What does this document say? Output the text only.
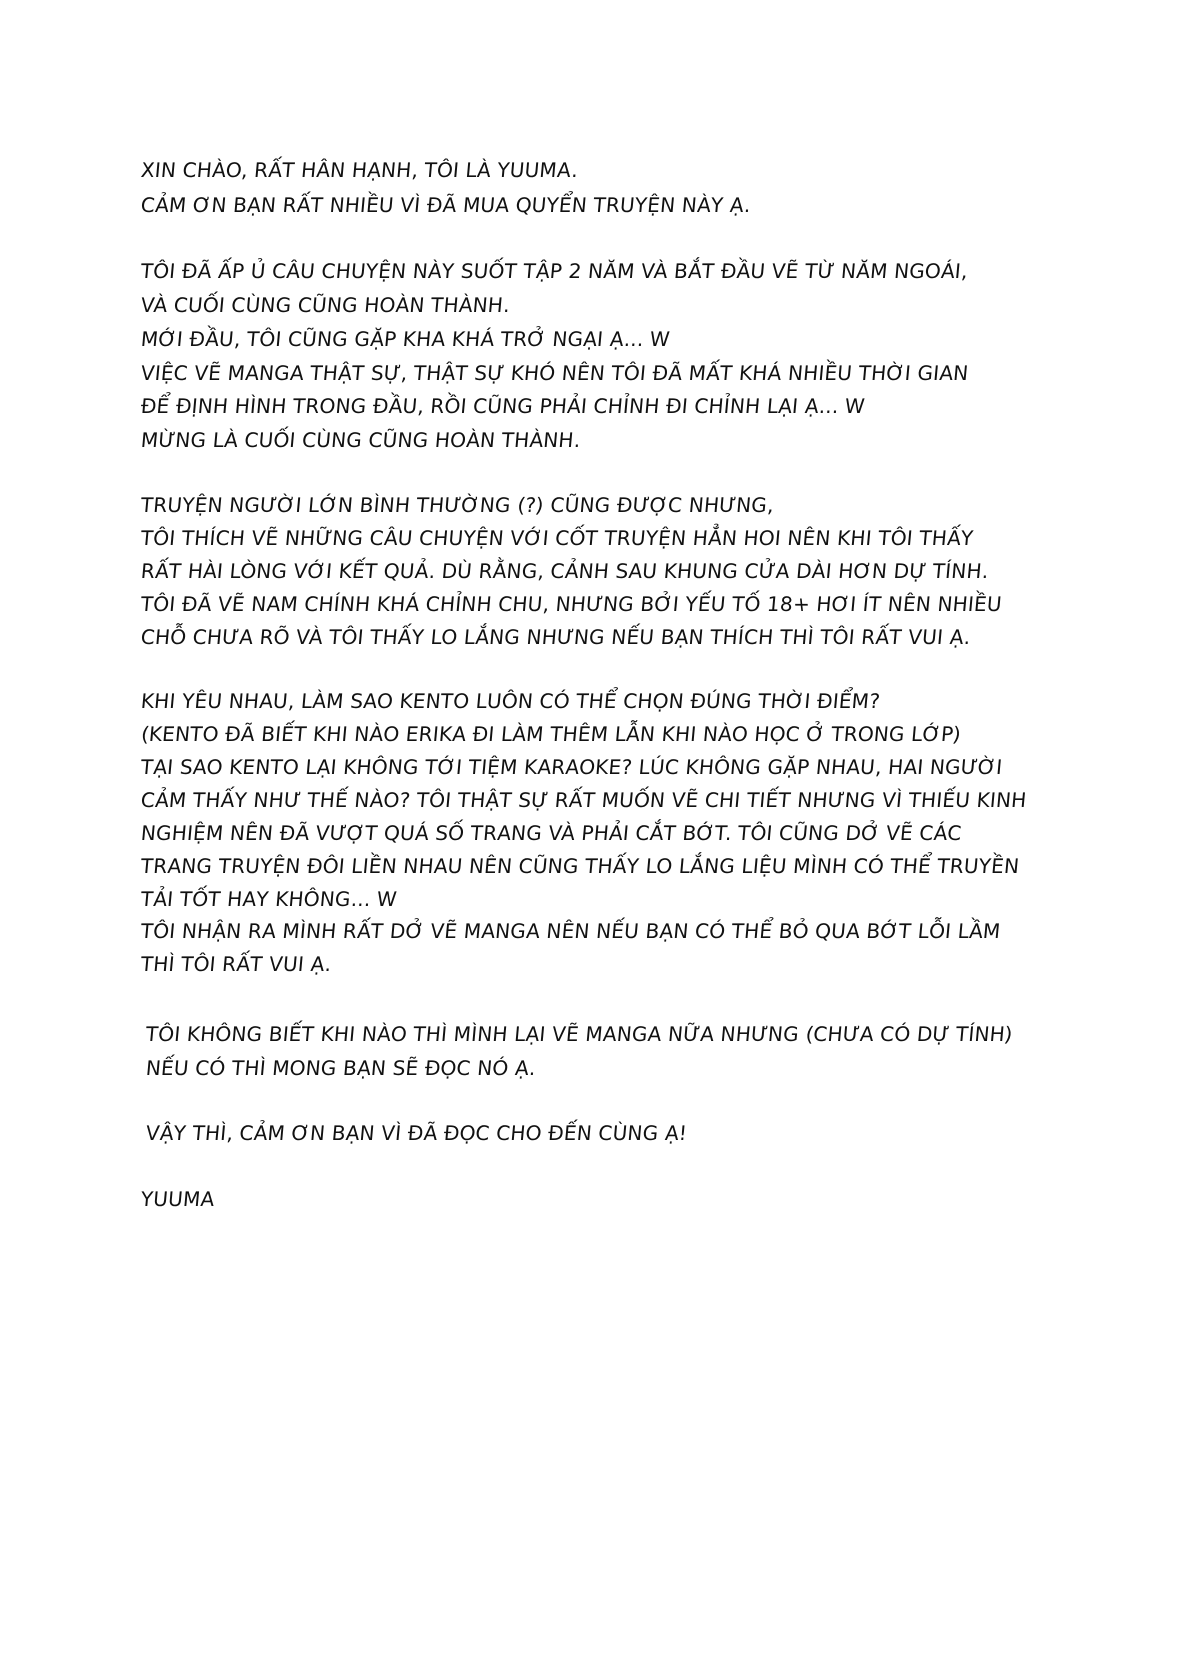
XIN CHÀO, RẤT HÂN HẠNH, TÔI LÀ YUUMA.

CẢM ƠN BẠN RẤT NHIỀU VÌ ĐÃ MUA QUYỂN TRUYỆN NÀY Ạ.

TÔI ĐÃ ẤP Ủ CÂU CHUYỆN NÀY SUỐT TẬP 2 NĂM VÀ BẮT ĐẦU VẼ TỪ NĂM NGOÁI,

VÀ CUỐI CÙNG CŨNG HOÀN THÀNH.

MỚI ĐẦU, TÔI CŨNG GẶP KHA KHÁ TRỞ NGẠI Ạ... W

VIỆC VẼ MANGA THẬT SỰ, THẬT SỰ KHÓ NÊN TÔI ĐÃ MẤT KHÁ NHIỀU THỜI GIAN

ĐỂ ĐỊNH HÌNH TRONG ĐẦU, RỒI CŨNG PHẢI CHỈNH ĐI CHỈNH LẠI Ạ... W

MỪNG LÀ CUỐI CÙNG CŨNG HOÀN THÀNH.

TRUYỆN NGƯỜI LỚN BÌNH THƯỜNG (?) CŨNG ĐƯỢC NHƯNG,

TÔI THÍCH VẼ NHỮNG CÂU CHUYỆN VỚI CỐT TRUYỆN HẲN HOI NÊN KHI TÔI THẤY

RẤT HÀI LÒNG VỚI KẾT QUẢ. DÙ RẰNG, CẢNH SAU KHUNG CỬA DÀI HƠN DỰ TÍNH.

TÔI ĐÃ VẼ NAM CHÍNH KHÁ CHỈNH CHU, NHƯNG BỞI YẾU TỐ 18+ HƠI ÍT NÊN NHIỀU

CHỖ CHƯA RÕ VÀ TÔI THẤY LO LẮNG NHƯNG NẾU BẠN THÍCH THÌ TÔI RẤT VUI Ạ.

KHI YÊU NHAU, LÀM SAO KENTO LUÔN CÓ THỂ CHỌN ĐÚNG THỜI ĐIỂM?

(KENTO ĐÃ BIẾT KHI NÀO ERIKA ĐI LÀM THÊM LẪN KHI NÀO HỌC Ở TRONG LỚP)

TẠI SAO KENTO LẠI KHÔNG TỚI TIỆM KARAOKE? LÚC KHÔNG GẶP NHAU, HAI NGƯỜI

CẢM THẤY NHƯ THẾ NÀO? TÔI THẬT SỰ RẤT MUỐN VẼ CHI TIẾT NHƯNG VÌ THIẾU KINH

NGHIỆM NÊN ĐÃ VƯỢT QUÁ SỐ TRANG VÀ PHẢI CẮT BỚT. TÔI CŨNG DỞ VẼ CÁC

TRANG TRUYỆN ĐÔI LIỀN NHAU NÊN CŨNG THẤY LO LẮNG LIỆU MÌNH CÓ THỂ TRUYỀN

TẢI TỐT HAY KHÔNG... W

TÔI NHẬN RA MÌNH RẤT DỞ VẼ MANGA NÊN NẾU BẠN CÓ THỂ BỎ QUA BỚT LỖI LẦM

THÌ TÔI RẤT VUI Ạ.

TÔI KHÔNG BIẾT KHI NÀO THÌ MÌNH LẠI VẼ MANGA NỮA NHƯNG (CHƯA CÓ DỰ TÍNH)

NẾU CÓ THÌ MONG BẠN SẼ ĐỌC NÓ Ạ.

VẬY THÌ, CẢM ƠN BẠN VÌ ĐÃ ĐỌC CHO ĐẾN CÙNG Ạ!

YUUMA
